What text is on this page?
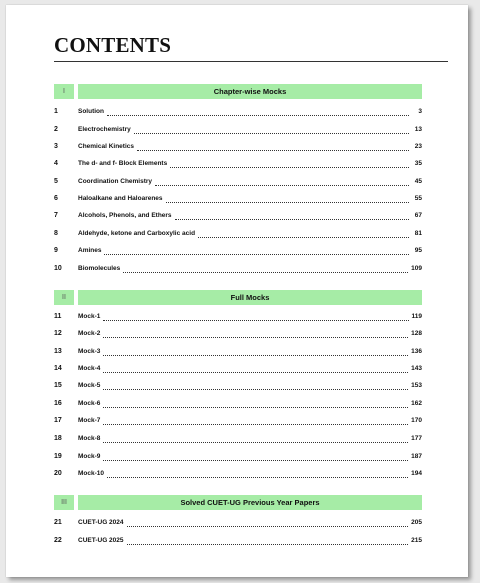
CONTENTS
I	Chapter-wise Mocks
1	Solution	3
2	Electrochemistry	13
3	Chemical Kinetics	23
4	The d- and f- Block Elements	35
5	Coordination Chemistry	45
6	Haloalkane and Haloarenes	55
7	Alcohols, Phenols, and Ethers	67
8	Aldehyde, ketone and Carboxylic acid	81
9	Amines	95
10	Biomolecules	109
II	Full Mocks
11	Mock-1	119
12	Mock-2	128
13	Mock-3	136
14	Mock-4	143
15	Mock-5	153
16	Mock-6	162
17	Mock-7	170
18	Mock-8	177
19	Mock-9	187
20	Mock-10	194
III	Solved CUET-UG Previous Year Papers
21	CUET-UG 2024	205
22	CUET-UG 2025	215
